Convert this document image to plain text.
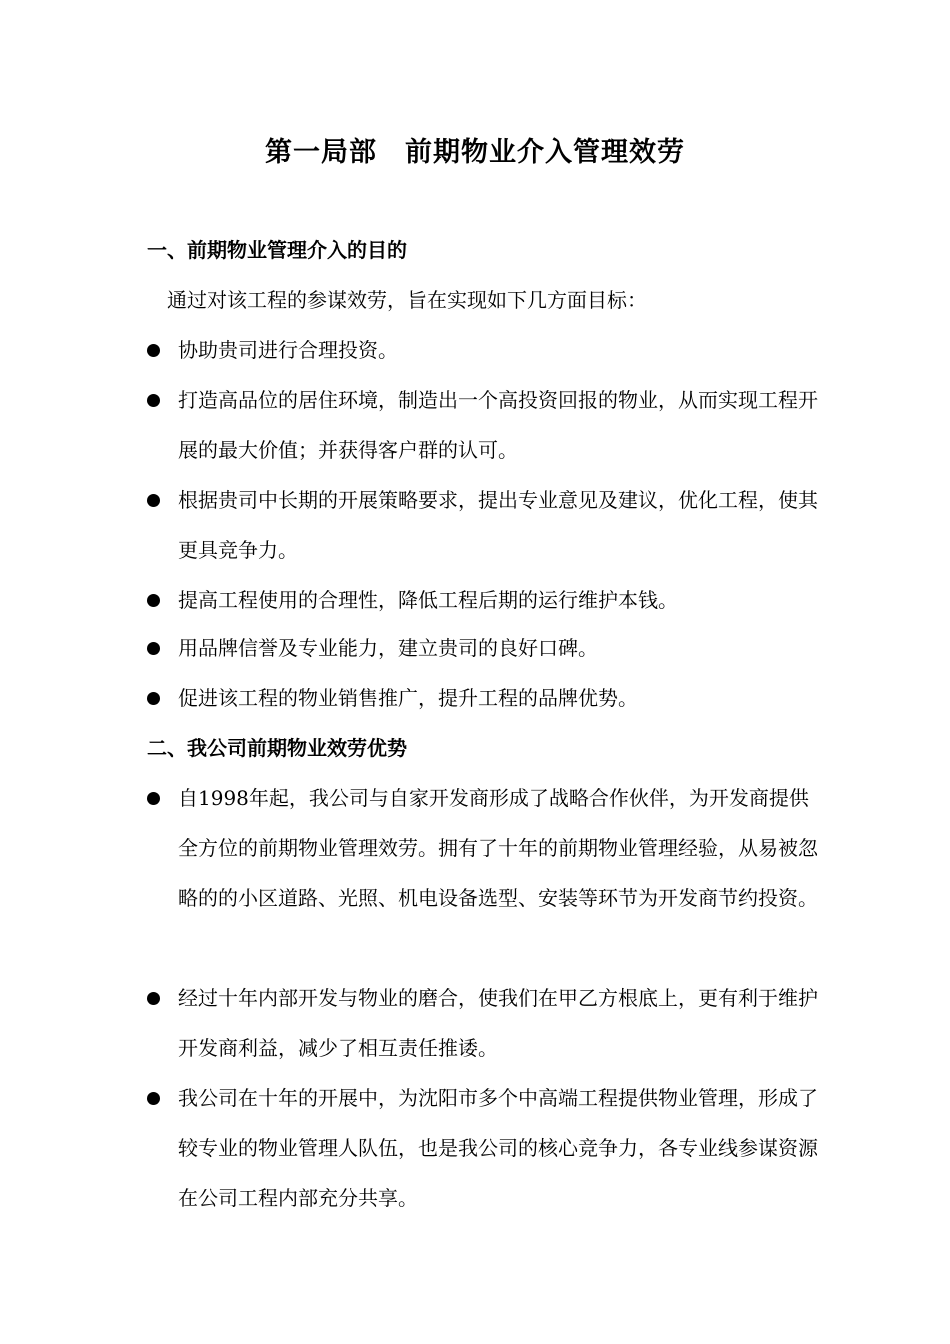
第一局部　前期物业介入管理效劳
一、前期物业管理介入的目的

通过对该工程的参谋效劳，旨在实现如下几方面目标：

协助贵司进行合理投资。
打造高品位的居住环境，制造出一个高投资回报的物业，从而实现工程开展的最大价值；并获得客户群的认可。
根据贵司中长期的开展策略要求，提出专业意见及建议，优化工程，使其更具竞争力。
提高工程使用的合理性，降低工程后期的运行维护本钱。
用品牌信誉及专业能力，建立贵司的良好口碑。
促进该工程的物业销售推广，提升工程的品牌优势。
二、我公司前期物业效劳优势
自1998年起，我公司与自家开发商形成了战略合作伙伴，为开发商提供全方位的前期物业管理效劳。拥有了十年的前期物业管理经验，从易被忽略的的小区道路、光照、机电设备选型、安装等环节为开发商节约投资。
经过十年内部开发与物业的磨合，使我们在甲乙方根底上，更有利于维护开发商利益，减少了相互责任推诿。
我公司在十年的开展中，为沈阳市多个中高端工程提供物业管理，形成了较专业的物业管理人队伍，也是我公司的核心竞争力，各专业线参谋资源在公司工程内部充分共享。
